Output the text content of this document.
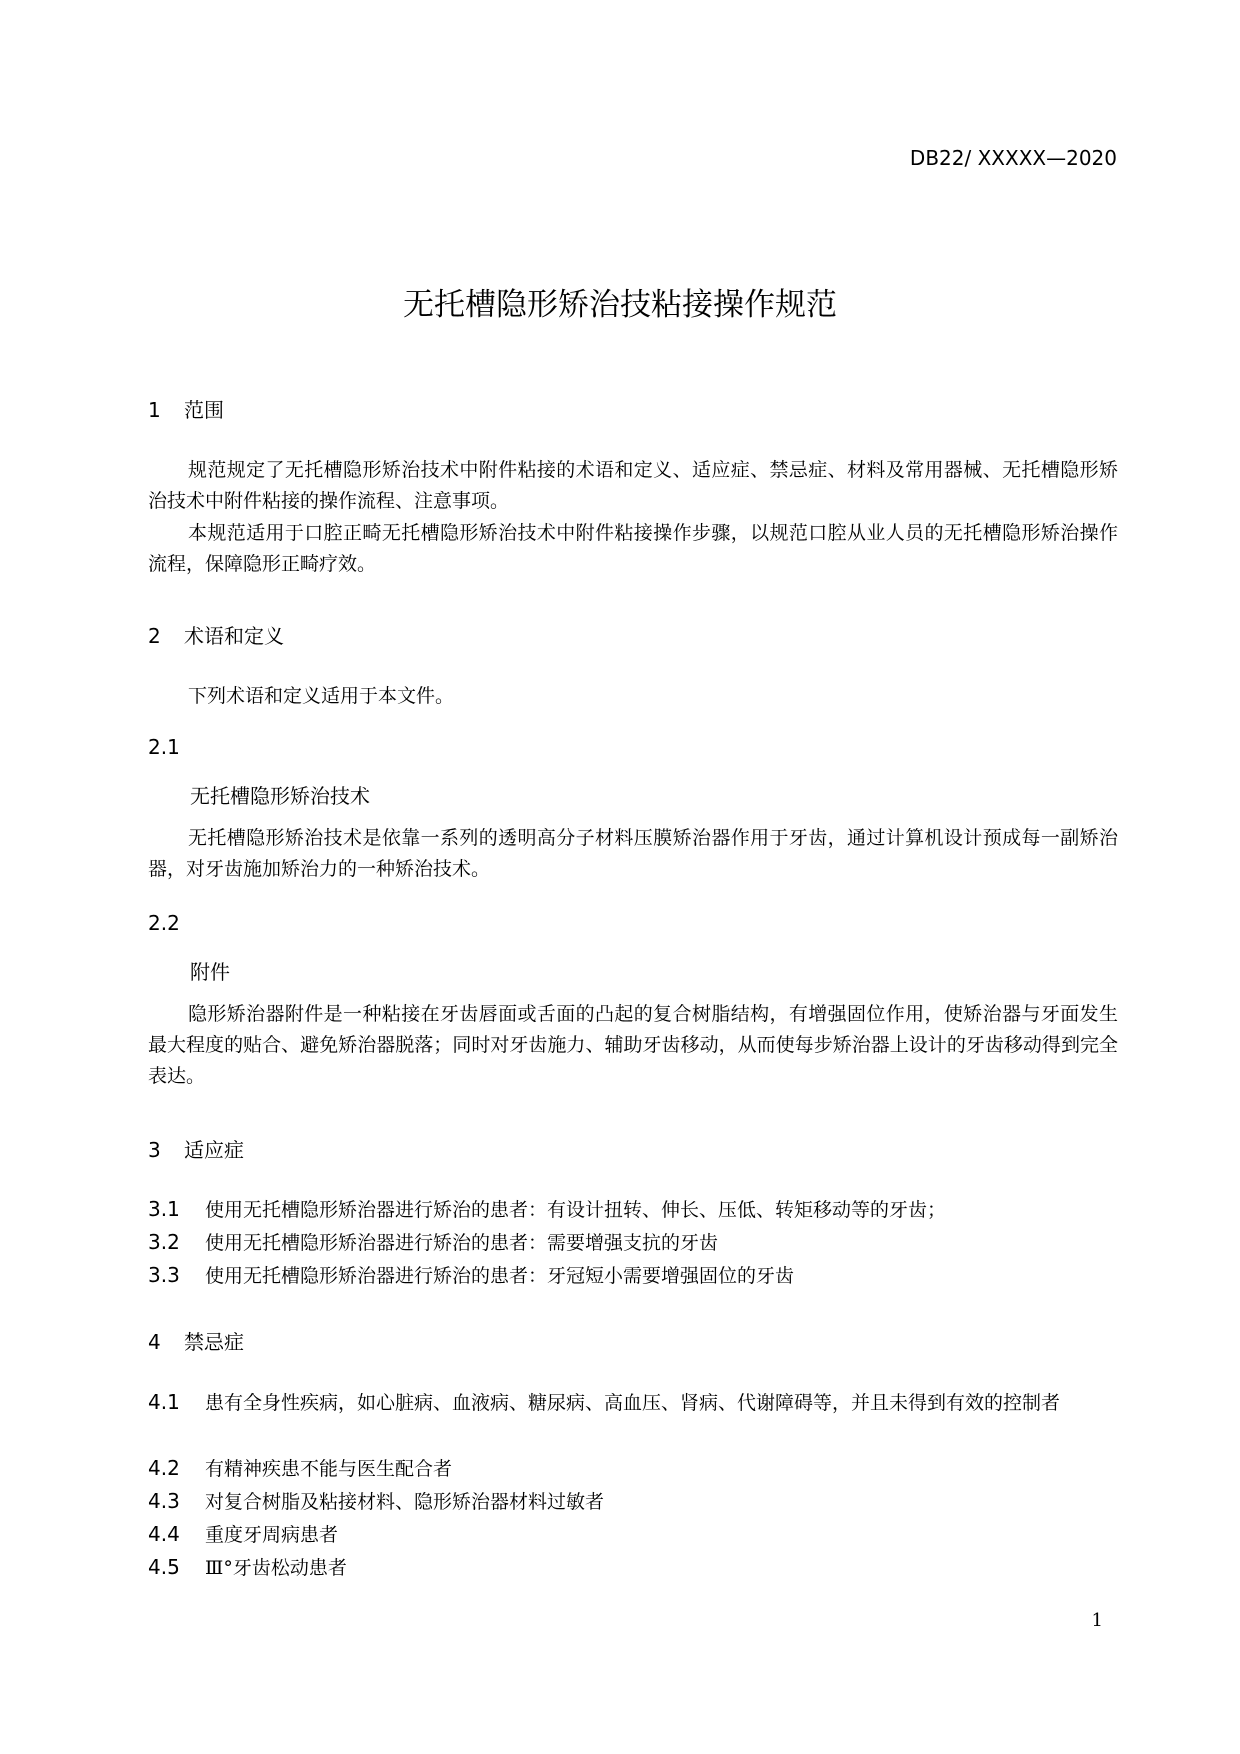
DB22/ XXXXX—2020
无托槽隐形矫治技粘接操作规范
1 范围
规范规定了无托槽隐形矫治技术中附件粘接的术语和定义、适应症、禁忌症、材料及常用器械、无托槽隐形矫治技术中附件粘接的操作流程、注意事项。
本规范适用于口腔正畸无托槽隐形矫治技术中附件粘接操作步骤，以规范口腔从业人员的无托槽隐形矫治操作流程，保障隐形正畸疗效。
2 术语和定义
下列术语和定义适用于本文件。
2.1
无托槽隐形矫治技术
无托槽隐形矫治技术是依靠一系列的透明高分子材料压膜矫治器作用于牙齿，通过计算机设计预成每一副矫治器，对牙齿施加矫治力的一种矫治技术。
2.2
附件
隐形矫治器附件是一种粘接在牙齿唇面或舌面的凸起的复合树脂结构，有增强固位作用，使矫治器与牙面发生最大程度的贴合、避免矫治器脱落；同时对牙齿施力、辅助牙齿移动，从而使每步矫治器上设计的牙齿移动得到完全表达。
3 适应症
3.1 使用无托槽隐形矫治器进行矫治的患者：有设计扭转、伸长、压低、转矩移动等的牙齿；
3.2 使用无托槽隐形矫治器进行矫治的患者：需要增强支抗的牙齿
3.3 使用无托槽隐形矫治器进行矫治的患者：牙冠短小需要增强固位的牙齿
4 禁忌症
4.1 患有全身性疾病，如心脏病、血液病、糖尿病、高血压、肾病、代谢障碍等，并且未得到有效的控制者
4.2 有精神疾患不能与医生配合者
4.3 对复合树脂及粘接材料、隐形矫治器材料过敏者
4.4 重度牙周病患者
4.5 Ⅲ°牙齿松动患者
1
